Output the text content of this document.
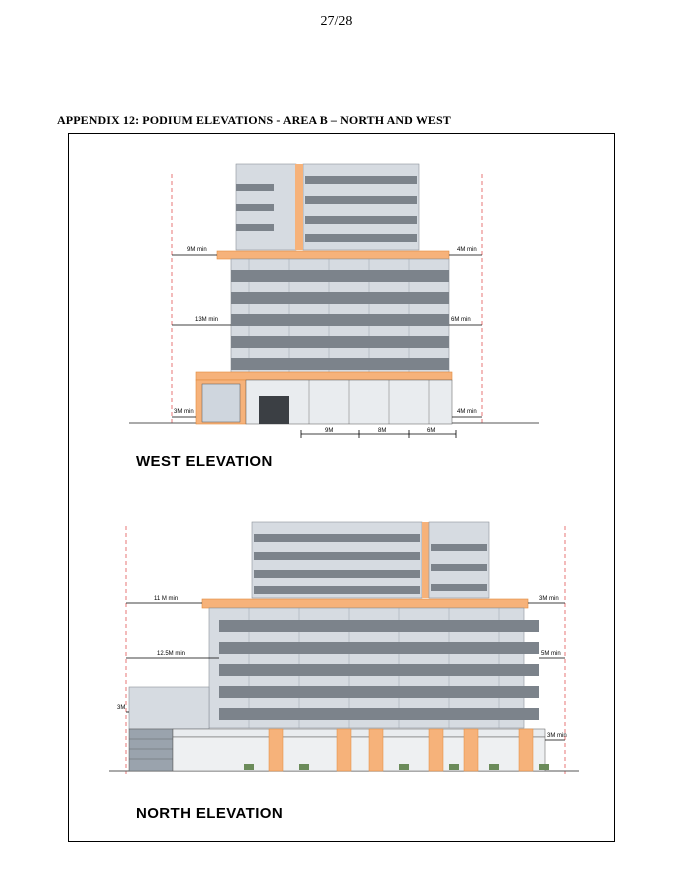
27/28
APPENDIX 12: PODIUM ELEVATIONS - AREA B – NORTH AND WEST
9M min	4M min
13M min	6M min
3M min	4M min
9M	8M	6M
WEST ELEVATION
11 M min	3M min
12.5M min	5M min
3M
3M min
NORTH ELEVATION
